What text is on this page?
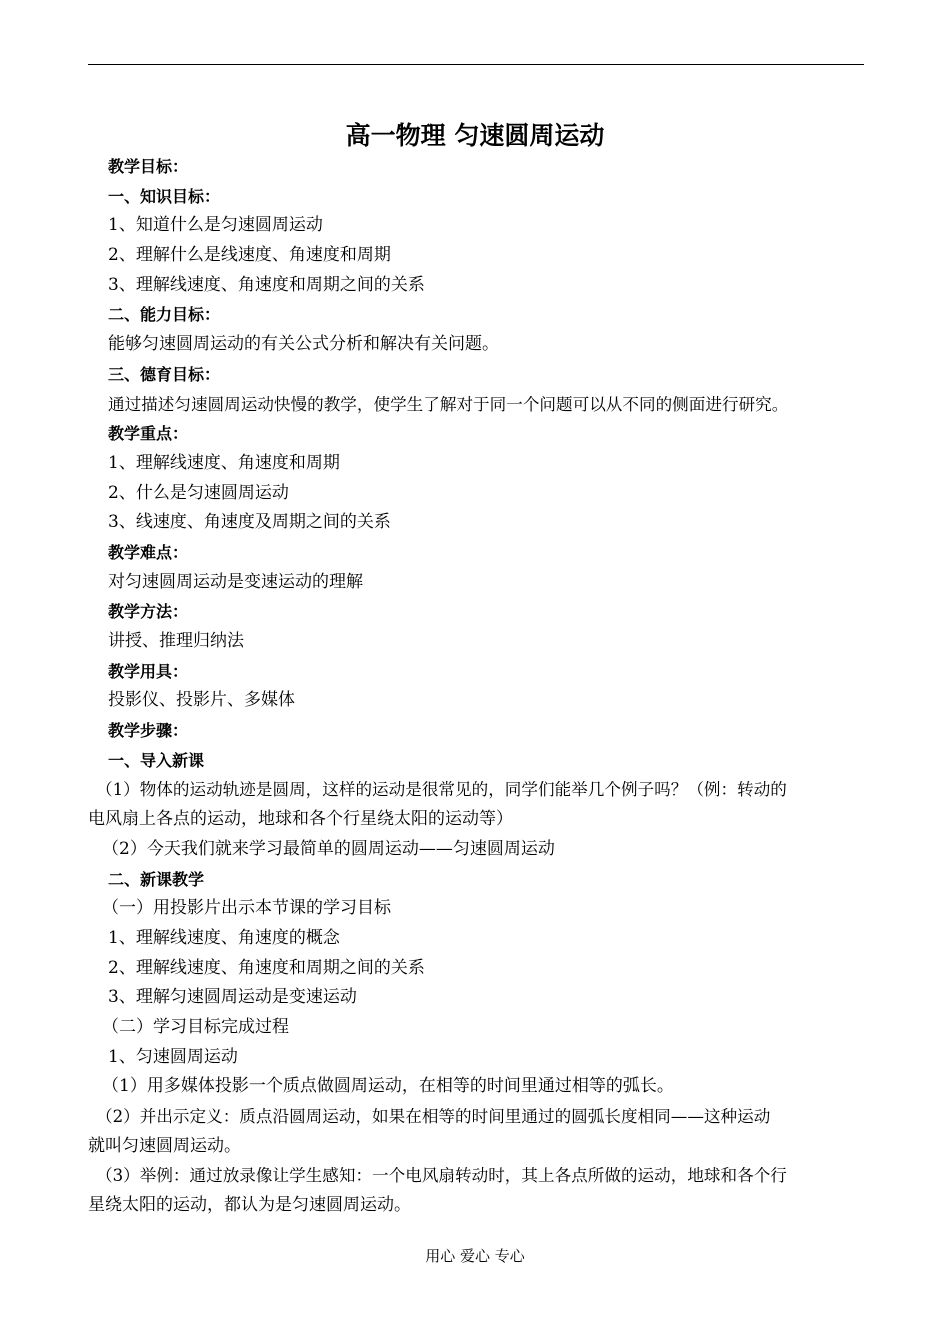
高一物理 匀速圆周运动
教学目标：
一、知识目标：
1、知道什么是匀速圆周运动
2、理解什么是线速度、角速度和周期
3、理解线速度、角速度和周期之间的关系
二、能力目标：
能够匀速圆周运动的有关公式分析和解决有关问题。
三、德育目标：
通过描述匀速圆周运动快慢的教学，使学生了解对于同一个问题可以从不同的侧面进行研究。
教学重点：
1、理解线速度、角速度和周期
2、什么是匀速圆周运动
3、线速度、角速度及周期之间的关系
教学难点：
对匀速圆周运动是变速运动的理解
教学方法：
讲授、推理归纳法
教学用具：
投影仪、投影片、多媒体
教学步骤：
一、导入新课
（1）物体的运动轨迹是圆周，这样的运动是很常见的，同学们能举几个例子吗？（例：转动的
电风扇上各点的运动，地球和各个行星绕太阳的运动等）
（2）今天我们就来学习最简单的圆周运动——匀速圆周运动
二、新课教学
（一）用投影片出示本节课的学习目标
1、理解线速度、角速度的概念
2、理解线速度、角速度和周期之间的关系
3、理解匀速圆周运动是变速运动
（二）学习目标完成过程
1、匀速圆周运动
（1）用多媒体投影一个质点做圆周运动，在相等的时间里通过相等的弧长。
（2）并出示定义：质点沿圆周运动，如果在相等的时间里通过的圆弧长度相同——这种运动
就叫匀速圆周运动。
（3）举例：通过放录像让学生感知：一个电风扇转动时，其上各点所做的运动，地球和各个行
星绕太阳的运动，都认为是匀速圆周运动。
用心 爱心 专心
